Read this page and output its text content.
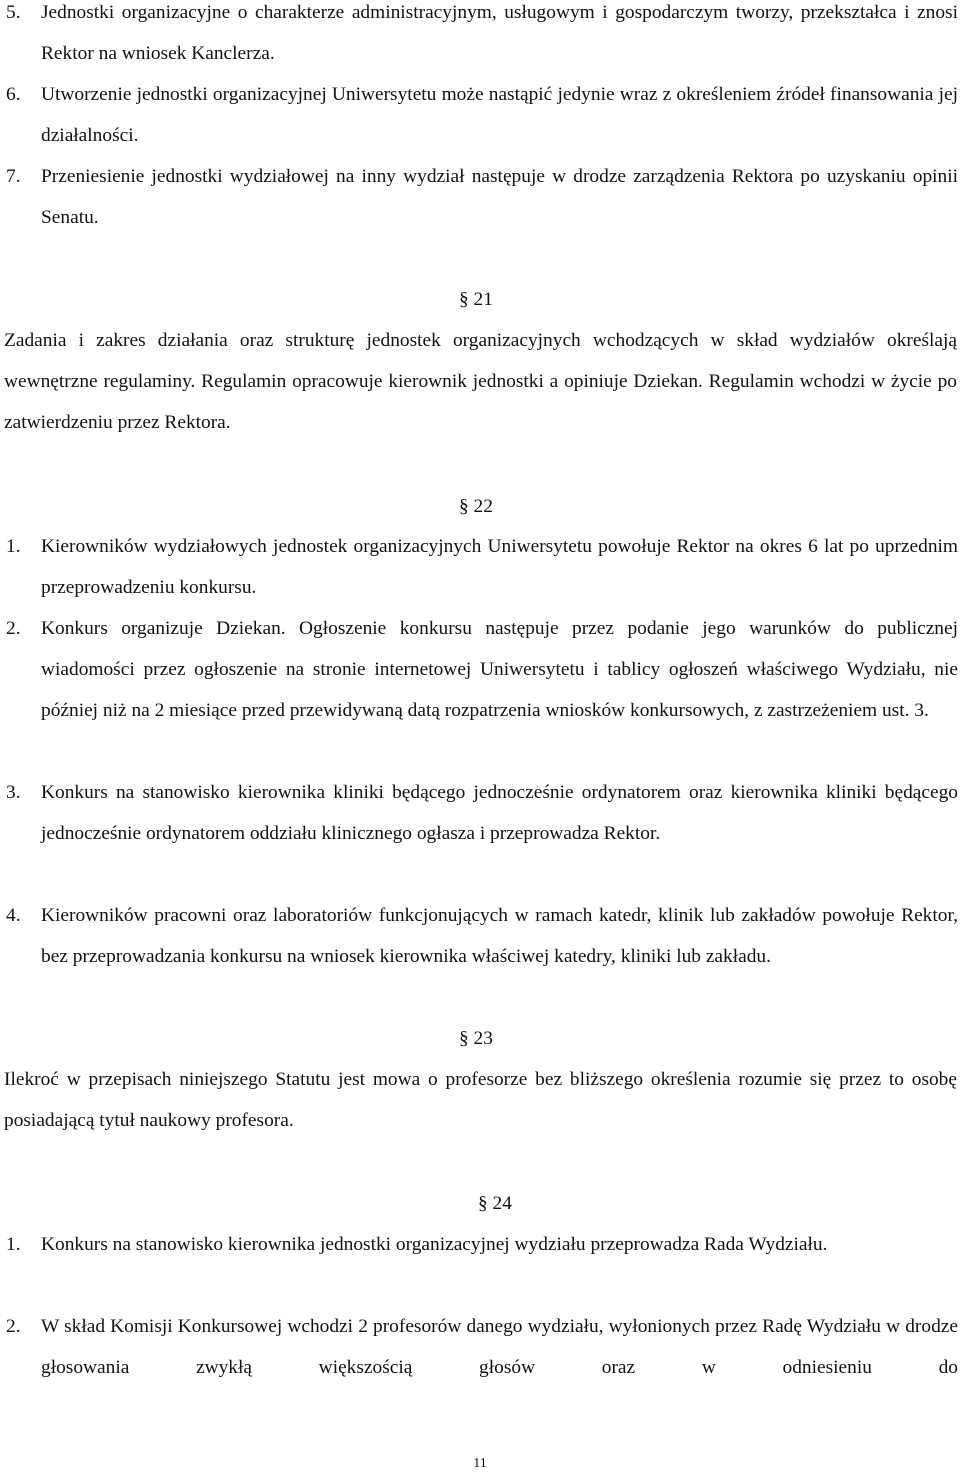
5.	Jednostki organizacyjne o charakterze administracyjnym, usługowym i gospodarczym tworzy, przekształca i znosi Rektor na wniosek Kanclerza.
6.	Utworzenie jednostki organizacyjnej Uniwersytetu może nastąpić jedynie wraz z określeniem źródeł finansowania jej działalności.
7.	Przeniesienie jednostki wydziałowej na inny wydział następuje w drodze zarządzenia Rektora po uzyskaniu opinii Senatu.
§ 21
Zadania i zakres działania oraz strukturę jednostek organizacyjnych wchodzących w skład wydziałów określają wewnętrzne regulaminy. Regulamin opracowuje kierownik jednostki a opiniuje Dziekan. Regulamin wchodzi w życie po zatwierdzeniu przez Rektora.
§ 22
1.	Kierowników wydziałowych jednostek organizacyjnych Uniwersytetu powołuje Rektor na okres 6 lat po uprzednim przeprowadzeniu konkursu.
2.	Konkurs organizuje Dziekan. Ogłoszenie konkursu następuje przez podanie jego warunków do publicznej wiadomości przez ogłoszenie na stronie internetowej Uniwersytetu i tablicy ogłoszeń właściwego Wydziału, nie później niż na 2 miesiące przed przewidywaną datą rozpatrzenia wniosków konkursowych, z zastrzeżeniem ust. 3.
3.	Konkurs na stanowisko kierownika kliniki będącego jednocześnie ordynatorem oraz kierownika kliniki będącego jednocześnie ordynatorem oddziału klinicznego ogłasza i przeprowadza Rektor.
4.	Kierowników pracowni oraz laboratoriów funkcjonujących w ramach katedr, klinik lub zakładów powołuje Rektor, bez przeprowadzania konkursu na wniosek kierownika właściwej katedry, kliniki lub zakładu.
§ 23
Ilekroć w przepisach niniejszego Statutu jest mowa o profesorze bez bliższego określenia rozumie się przez to osobę posiadającą tytuł naukowy profesora.
§ 24
1.	Konkurs na stanowisko kierownika jednostki organizacyjnej wydziału przeprowadza Rada Wydziału.
2.	W skład Komisji Konkursowej wchodzi 2 profesorów danego wydziału, wyłonionych przez Radę Wydziału w drodze głosowania zwykłą większością głosów oraz w odniesieniu do
11
